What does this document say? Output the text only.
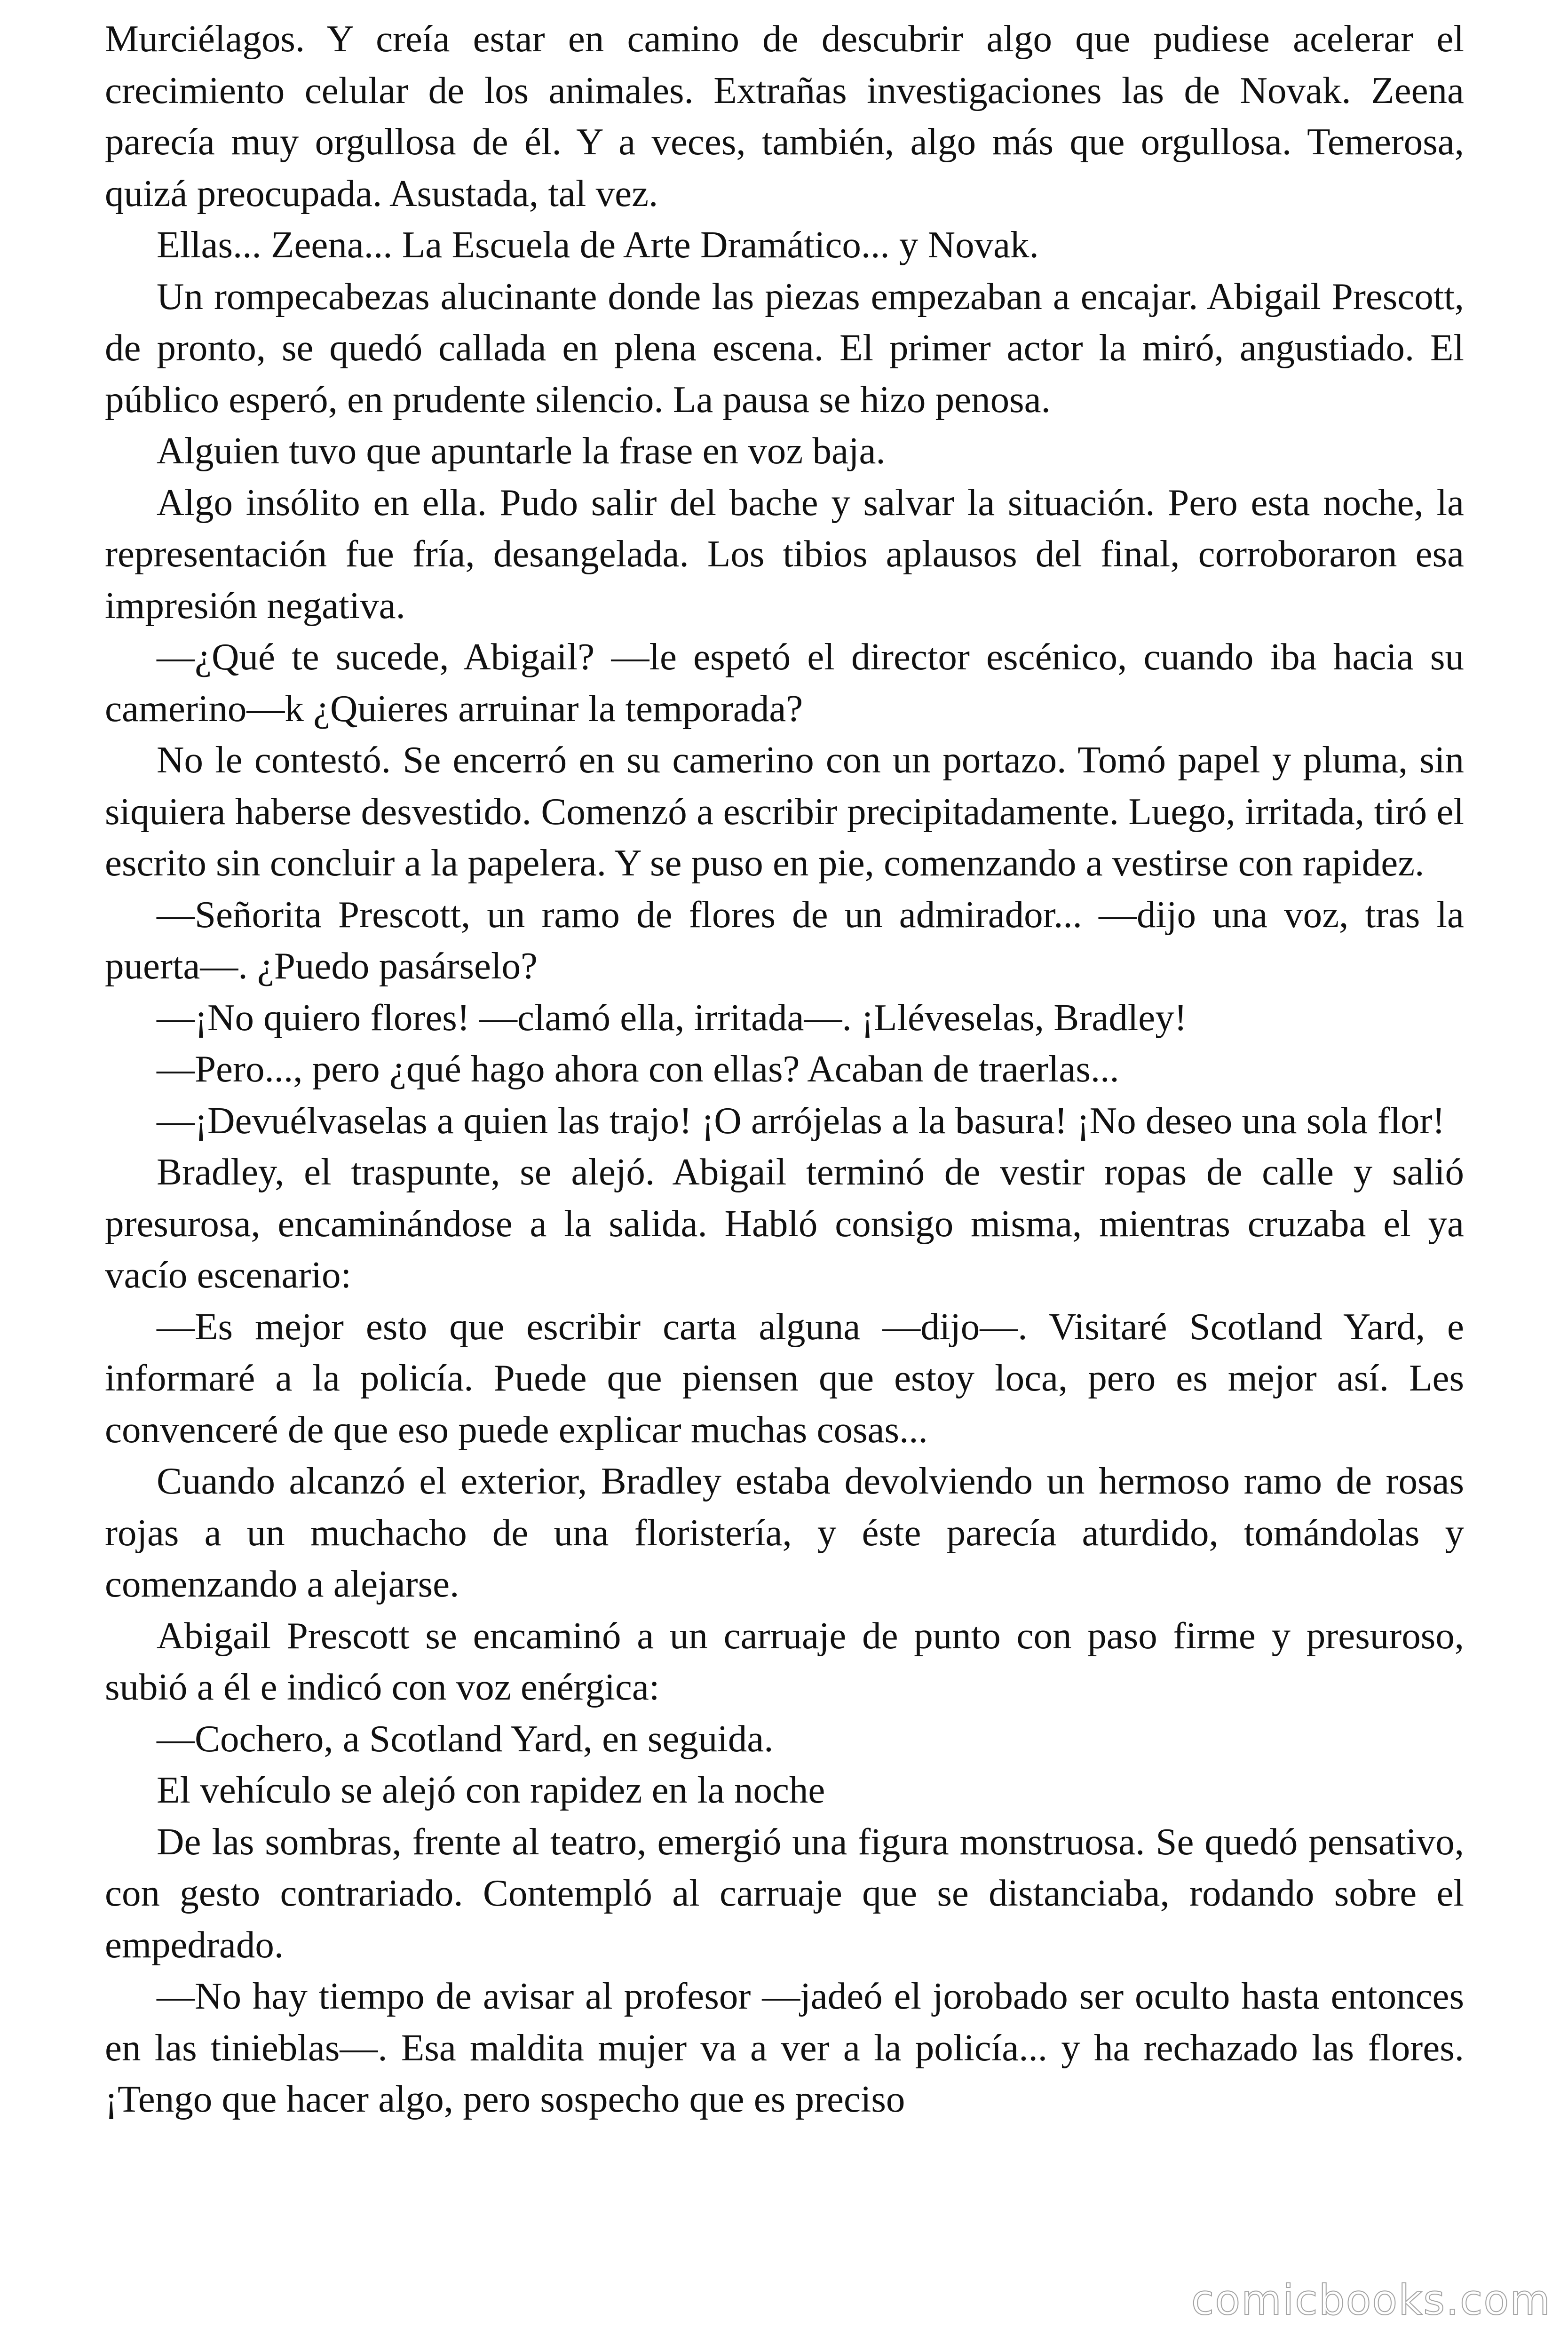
Murciélagos. Y creía estar en camino de descubrir algo que pudiese acelerar el crecimiento celular de los animales. Extrañas investigaciones las de Novak. Zeena parecía muy orgullosa de él. Y a veces, también, algo más que orgullosa. Temerosa, quizá preocupada. Asustada, tal vez.

Ellas... Zeena... La Escuela de Arte Dramático... y Novak.

Un rompecabezas alucinante donde las piezas empezaban a encajar. Abigail Prescott, de pronto, se quedó callada en plena escena. El primer actor la miró, angustiado. El público esperó, en prudente silencio. La pausa se hizo penosa.

Alguien tuvo que apuntarle la frase en voz baja.

Algo insólito en ella. Pudo salir del bache y salvar la situación. Pero esta noche, la representación fue fría, desangelada. Los tibios aplausos del final, corroboraron esa impresión negativa.

—¿Qué te sucede, Abigail? —le espetó el director escénico, cuando iba hacia su camerino—k ¿Quieres arruinar la temporada?

No le contestó. Se encerró en su camerino con un portazo. Tomó papel y pluma, sin siquiera haberse desvestido. Comenzó a escribir precipitadamente. Luego, irritada, tiró el escrito sin concluir a la papelera. Y se puso en pie, comenzando a vestirse con rapidez.

—Señorita Prescott, un ramo de flores de un admirador... —dijo una voz, tras la puerta—. ¿Puedo pasárselo?

—¡No quiero flores! —clamó ella, irritada—. ¡Lléveselas, Bradley!

—Pero..., pero ¿qué hago ahora con ellas? Acaban de traerlas...

—¡Devuélvaselas a quien las trajo! ¡O arrójelas a la basura! ¡No deseo una sola flor!

Bradley, el traspunte, se alejó. Abigail terminó de vestir ropas de calle y salió presurosa, encaminándose a la salida. Habló consigo misma, mientras cruzaba el ya vacío escenario:

—Es mejor esto que escribir carta alguna —dijo—. Visitaré Scotland Yard, e informaré a la policía. Puede que piensen que estoy loca, pero es mejor así. Les convenceré de que eso puede explicar muchas cosas...

Cuando alcanzó el exterior, Bradley estaba devolviendo un hermoso ramo de rosas rojas a un muchacho de una floristería, y éste parecía aturdido, tomándolas y comenzando a alejarse.

Abigail Prescott se encaminó a un carruaje de punto con paso firme y presuroso, subió a él e indicó con voz enérgica:

—Cochero, a Scotland Yard, en seguida.

El vehículo se alejó con rapidez en la noche

De las sombras, frente al teatro, emergió una figura monstruosa. Se quedó pensativo, con gesto contrariado. Contempló al carruaje que se distanciaba, rodando sobre el empedrado.

—No hay tiempo de avisar al profesor —jadeó el jorobado ser oculto hasta entonces en las tinieblas—. Esa maldita mujer va a ver a la policía... y ha rechazado las flores. ¡Tengo que hacer algo, pero sospecho que es preciso

comicbooks.com
